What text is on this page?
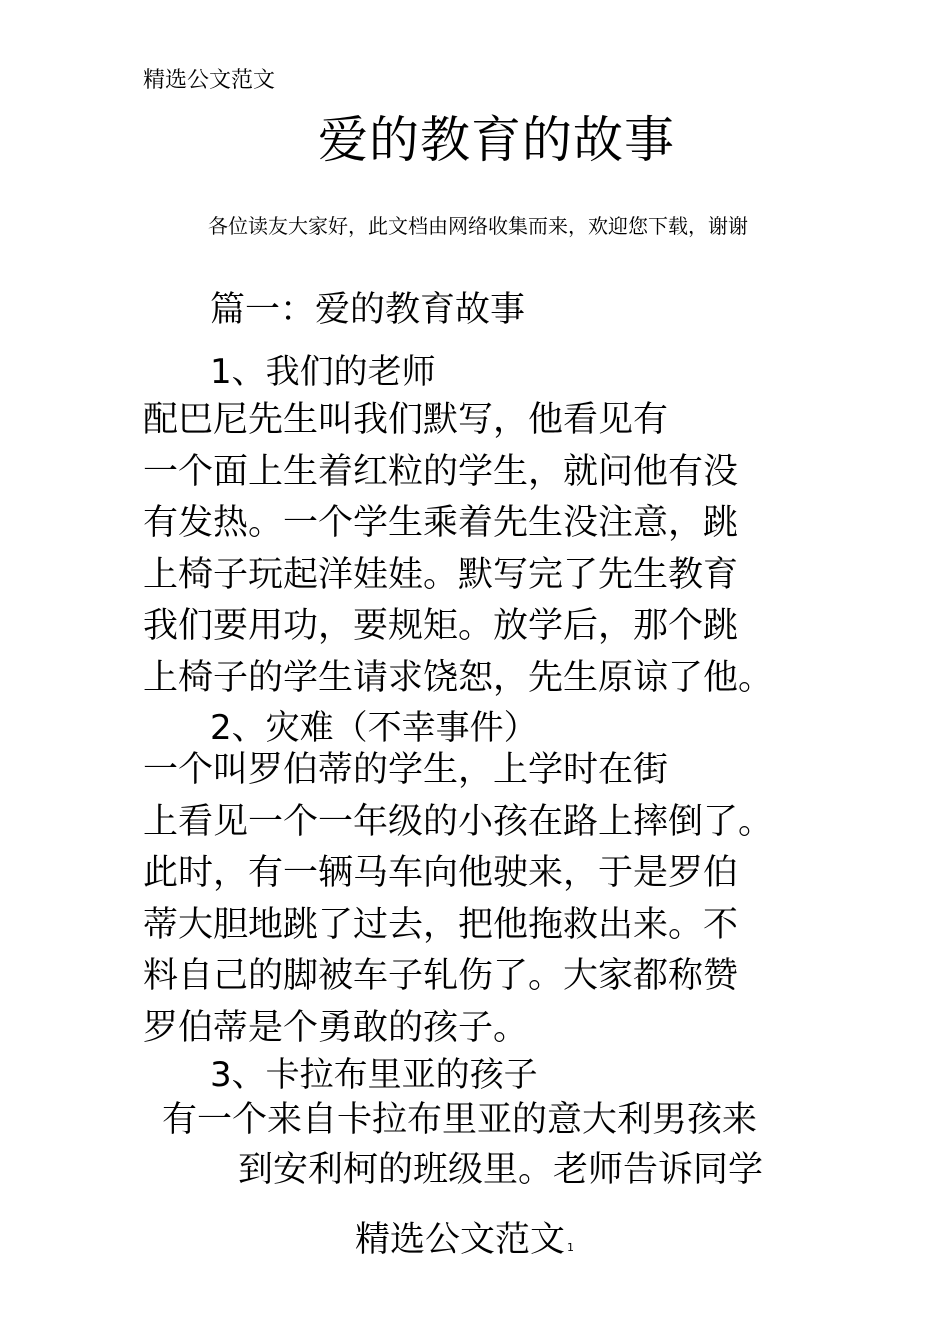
精选公文范文
爱的教育的故事
各位读友大家好，此文档由网络收集而来，欢迎您下载，谢谢
篇一：爱的教育故事
1、我们的老师
配巴尼先生叫我们默写，他看见有
一个面上生着红粒的学生，就问他有没
有发热。一个学生乘着先生没注意，跳
上椅子玩起洋娃娃。默写完了先生教育
我们要用功，要规矩。放学后，那个跳
上椅子的学生请求饶恕，先生原谅了他。
2、灾难（不幸事件）
一个叫罗伯蒂的学生，上学时在街
上看见一个一年级的小孩在路上摔倒了。
此时，有一辆马车向他驶来，于是罗伯
蒂大胆地跳了过去，把他拖救出来。不
料自己的脚被车子轧伤了。大家都称赞
罗伯蒂是个勇敢的孩子。
3、卡拉布里亚的孩子
有一个来自卡拉布里亚的意大利男孩来
到安利柯的班级里。老师告诉同学
精选公文范文 1
